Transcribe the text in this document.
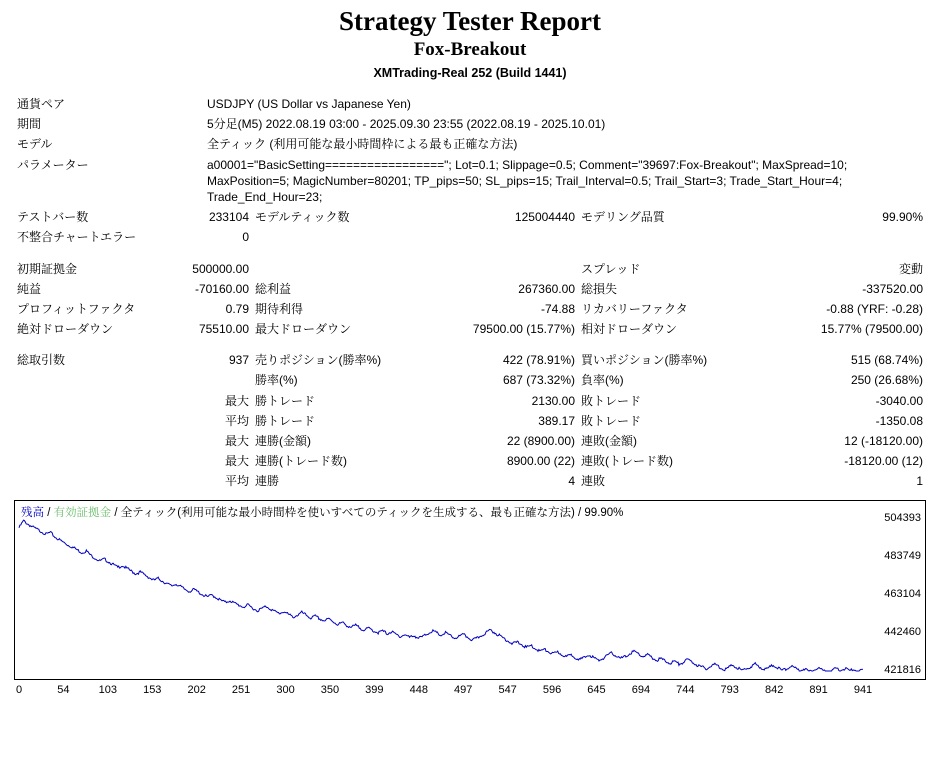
Strategy Tester Report
Fox-Breakout
XMTrading-Real 252 (Build 1441)
通貨ペア	USDJPY (US Dollar vs Japanese Yen)
期間	5分足(M5) 2022.08.19 03:00 - 2025.09.30 23:55 (2022.08.19 - 2025.10.01)
モデル	全ティック (利用可能な最小時間枠による最も正確な方法)
パラメーター	a00001="BasicSetting================="; Lot=0.1; Slippage=0.5; Comment="39697:Fox-Breakout"; MaxSpread=10; MaxPosition=5; MagicNumber=80201; TP_pips=50; SL_pips=15; Trail_Interval=0.5; Trail_Start=3; Trade_Start_Hour=4; Trade_End_Hour=23;
テストバー数	233104	モデルティック数	125004440	モデリング品質	99.90%
不整合チャートエラー	0				

初期証拠金	500000.00			スプレッド	変動
純益	-70160.00	総利益	267360.00	総損失	-337520.00
プロフィットファクタ	0.79	期待利得	-74.88	リカバリーファクタ	-0.88 (YRF: -0.28)
絶対ドローダウン	75510.00	最大ドローダウン	79500.00 (15.77%)	相対ドローダウン	15.77% (79500.00)

総取引数	937	売りポジション(勝率%)	422 (78.91%)	買いポジション(勝率%)	515 (68.74%)
		勝率(%)	687 (73.32%)	負率(%)	250 (26.68%)
	最大	勝トレード	2130.00	敗トレード	-3040.00
	平均	勝トレード	389.17	敗トレード	-1350.08
	最大	連勝(金額)	22 (8900.00)	連敗(金額)	12 (-18120.00)
	最大	連勝(トレード数)	8900.00 (22)	連敗(トレード数)	-18120.00 (12)
	平均	連勝	4	連敗	1
残高 / 有効証拠金 / 全ティック(利用可能な最小時間枠を使いすべてのティックを生成する、最も正確な方法) / 99.90%	504393
483749
463104
442460
421816
0	54	103 153 202 251 300 350 399 448 497 547 596 645 694 744 793 842 891 941
